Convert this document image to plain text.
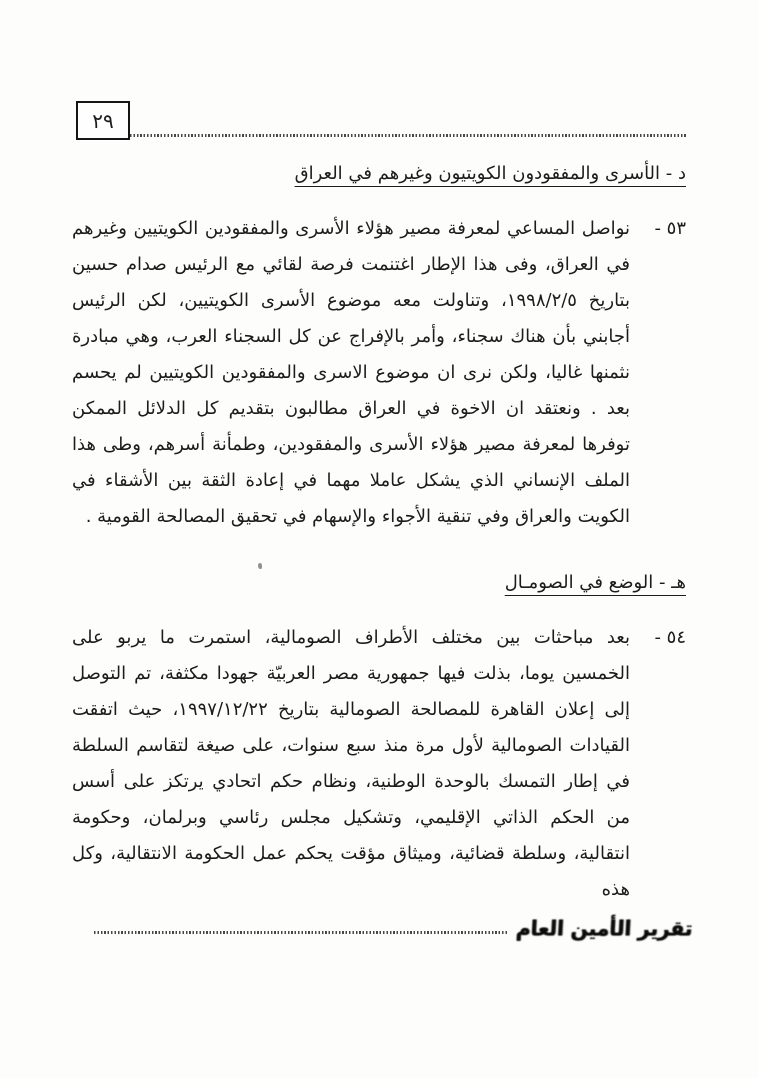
٢٩
د - الأسرى والمفقودون الكويتيون وغيرهم في العراق
٥٣ -

نواصل المساعي لمعرفة مصير هؤلاء الأسرى والمفقودين الكويتيين وغيرهم في العراق، وفى هذا الإطار اغتنمت فرصة لقائي مع الرئيس صدام حسين بتاريخ ١٩٩٨/٢/٥، وتناولت معه موضوع الأسرى الكويتيين، لكن الرئيس أجابني بأن هناك سجناء، وأمر بالإفراج عن كل السجناء العرب، وهي مبادرة نثمنها غاليا، ولكن نرى ان موضوع الاسرى والمفقودين الكويتيين لم يحسم بعد . ونعتقد ان الاخوة في العراق مطالبون بتقديم كل الدلائل الممكن توفرها لمعرفة مصير هؤلاء الأسرى والمفقودين، وطمأنة أسرهم، وطى هذا الملف الإنساني الذي يشكل عاملا مهما في إعادة الثقة بين الأشقاء في الكويت والعراق وفي تنقية الأجواء والإسهام في تحقيق المصالحة القومية .

هـ - الوضع في الصومـال
٥٤ -

بعد مباحثات بين مختلف الأطراف الصومالية، استمرت ما يربو على الخمسين يوما، بذلت فيها جمهورية مصر العربيّة جهودا مكثفة، تم التوصل إلى إعلان القاهرة للمصالحة الصومالية بتاريخ ١٩٩٧/١٢/٢٢، حيث اتفقت القيادات الصومالية لأول مرة منذ سبع سنوات، على صيغة لتقاسم السلطة في إطار التمسك بالوحدة الوطنية، ونظام حكم اتحادي يرتكز على أسس من الحكم الذاتي الإقليمي، وتشكيل مجلس رئاسي وبرلمان، وحكومة انتقالية، وسلطة قضائية، وميثاق مؤقت يحكم عمل الحكومة الانتقالية، وكل هذه

تقرير الأمين العام
